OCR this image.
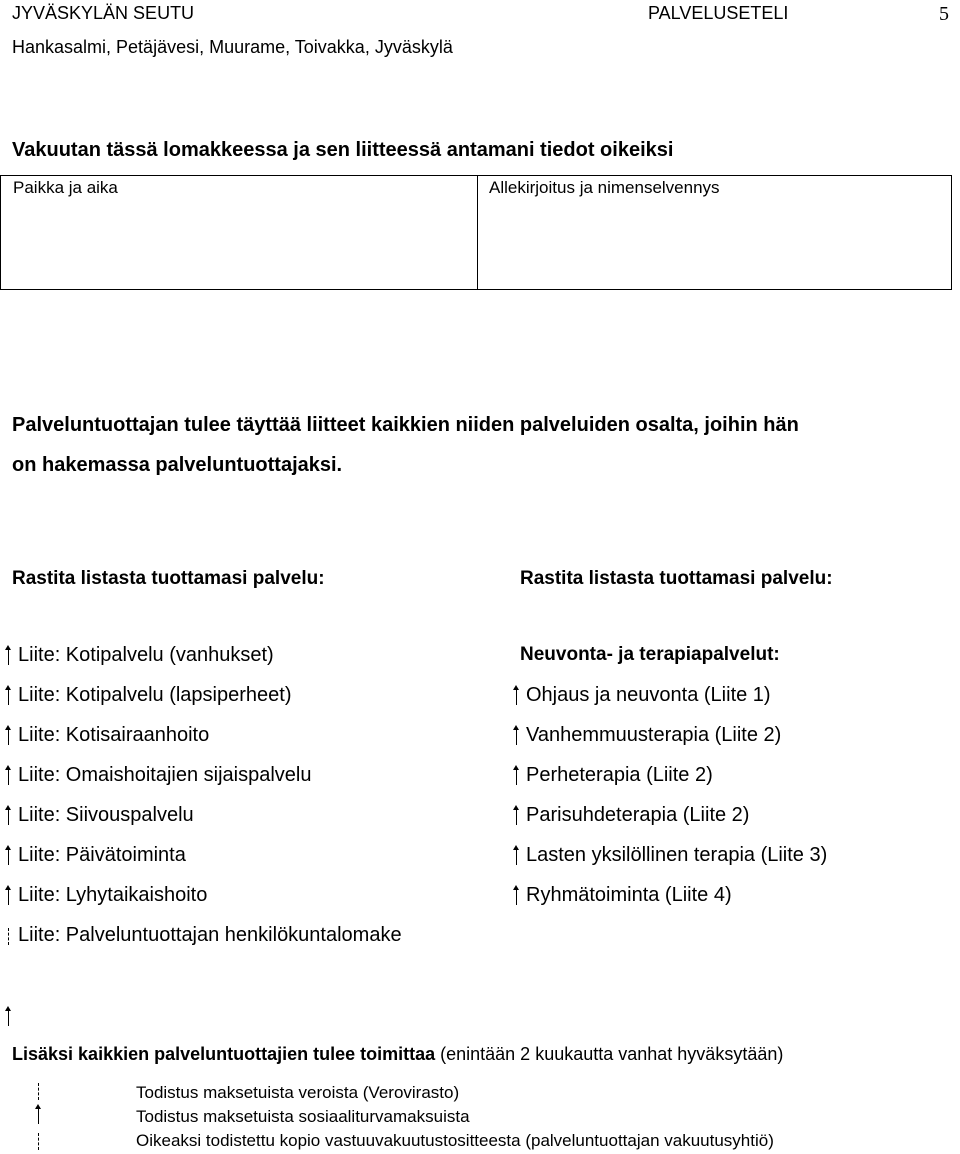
JYVÄSKYLÄN SEUTU
Hankasalmi, Petäjävesi, Muurame, Toivakka, Jyväskylä
PALVELUSETELI	5
Vakuutan tässä lomakkeessa ja sen liitteessä antamani tiedot oikeiksi
Paikka ja aika	Allekirjoitus ja nimenselvennys
Palveluntuottajan tulee täyttää liitteet kaikkien niiden palveluiden osalta, joihin hän
on hakemassa palveluntuottajaksi.
Rastita listasta tuottamasi palvelu:	Rastita listasta tuottamasi palvelu:
Liite: Kotipalvelu (vanhukset)
Liite: Kotipalvelu (lapsiperheet)
Liite: Kotisairaanhoito
Liite: Omaishoitajien sijaispalvelu
Liite: Siivouspalvelu
Liite: Päivätoiminta
Liite: Lyhytaikaishoito
Liite: Palveluntuottajan henkilökuntalomake
Neuvonta- ja terapiapalvelut:
Ohjaus ja neuvonta (Liite 1)
Vanhemmuusterapia (Liite 2)
Perheterapia (Liite 2)
Parisuhdeterapia (Liite 2)
Lasten yksilöllinen terapia (Liite 3)
Ryhmätoiminta (Liite 4)
Lisäksi kaikkien palveluntuottajien tulee toimittaa (enintään 2 kuukautta vanhat hyväksytään)
Todistus maksetuista veroista (Verovirasto)
Todistus maksetuista sosiaaliturvamaksuista
Oikeaksi todistettu kopio vastuuvakuutustositteesta (palveluntuottajan vakuutusyhtiö)
